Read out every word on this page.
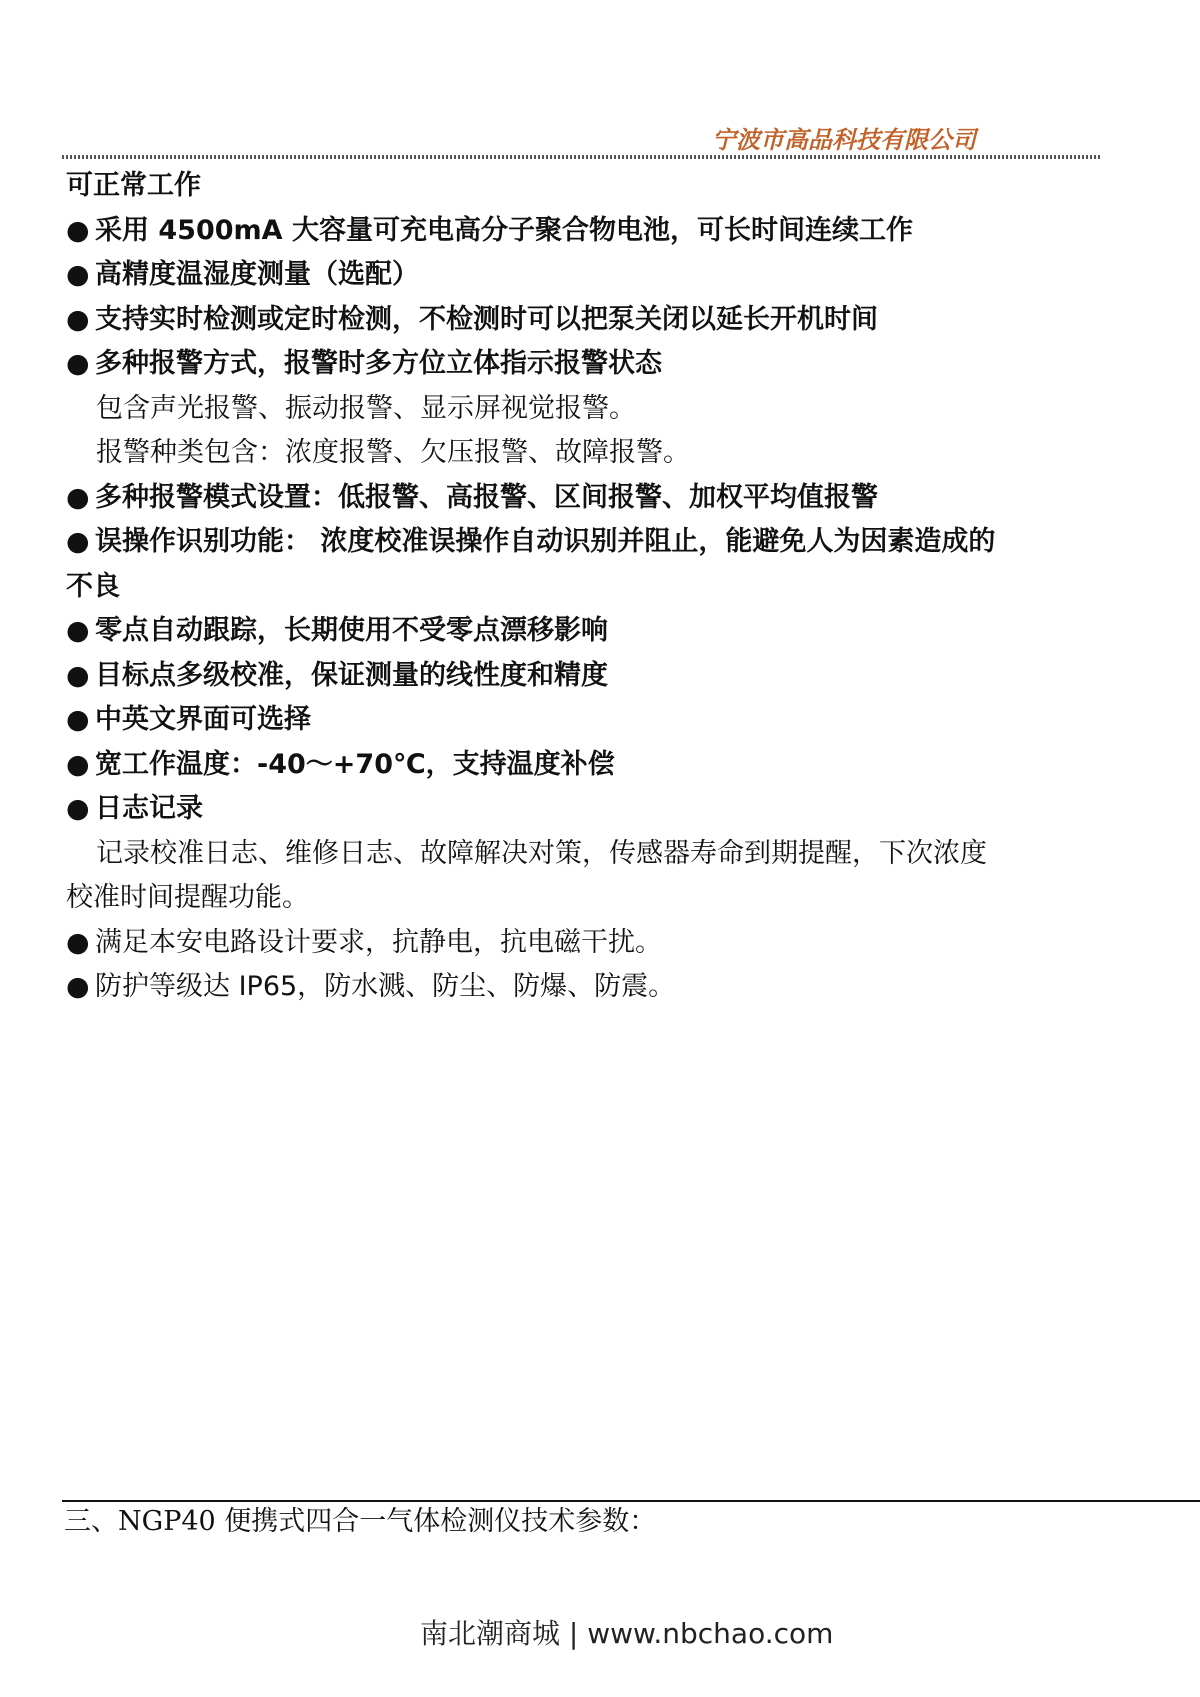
宁波市高品科技有限公司
可正常工作
● 采用 4500mA 大容量可充电高分子聚合物电池，可长时间连续工作
● 高精度温湿度测量（选配）
● 支持实时检测或定时检测，不检测时可以把泵关闭以延长开机时间
● 多种报警方式，报警时多方位立体指示报警状态
包含声光报警、振动报警、显示屏视觉报警。
报警种类包含：浓度报警、欠压报警、故障报警。
● 多种报警模式设置：低报警、高报警、区间报警、加权平均值报警
● 误操作识别功能： 浓度校准误操作自动识别并阻止，能避免人为因素造成的
不良
● 零点自动跟踪，长期使用不受零点漂移影响
● 目标点多级校准，保证测量的线性度和精度
● 中英文界面可选择
● 宽工作温度：-40～+70℃，支持温度补偿
● 日志记录
记录校准日志、维修日志、故障解决对策，传感器寿命到期提醒，下次浓度
校准时间提醒功能。
● 满足本安电路设计要求，抗静电，抗电磁干扰。
● 防护等级达 IP65，防水溅、防尘、防爆、防震。
三、NGP40 便携式四合一气体检测仪技术参数：
南北潮商城 | www.nbchao.com
